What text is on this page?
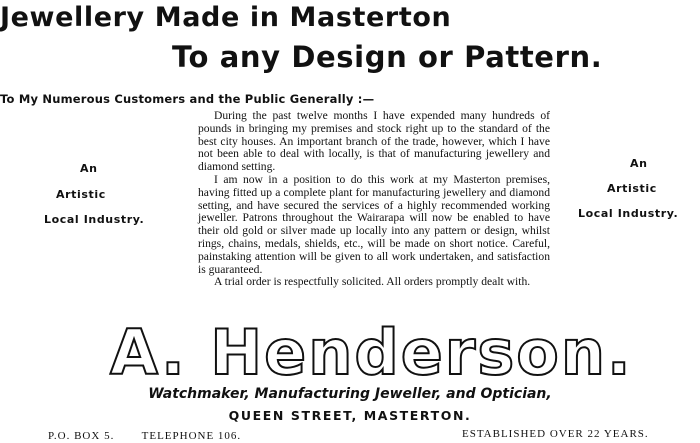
Jewellery Made in Masterton
To any Design or Pattern.
To My Numerous Customers and the Public Generally :—

During the past twelve months I have expended many hundreds of pounds in bringing my premises and stock right up to the standard of the best city houses. An important branch of the trade, however, which I have not been able to deal with locally, is that of manufacturing jewellery and diamond setting.

I am now in a position to do this work at my Masterton premises, having fitted up a complete plant for manufacturing jewellery and diamond setting, and have secured the services of a highly recommended working jeweller. Patrons throughout the Wairarapa will now be enabled to have their old gold or silver made up locally into any pattern or design, whilst rings, chains, medals, shields, etc., will be made on short notice. Careful, painstaking attention will be given to all work undertaken, and satisfaction is guaranteed.

A trial order is respectfully solicited. All orders promptly dealt with.

An
Artistic
Local Industry.
An
Artistic
Local Industry.
A. Henderson.
Watchmaker, Manufacturing Jeweller, and Optician,
QUEEN STREET, MASTERTON.
P.O. BOX 5. TELEPHONE 106.	ESTABLISHED OVER 22 YEARS.
